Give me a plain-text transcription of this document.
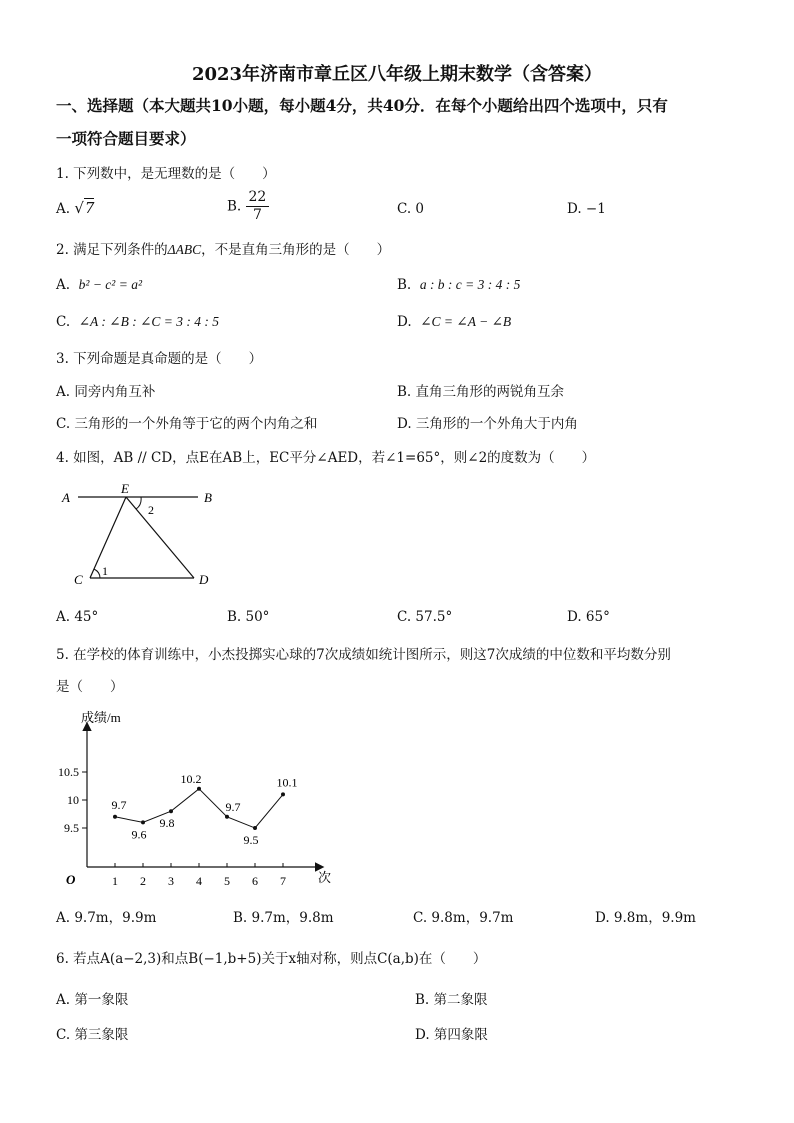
2023年济南市章丘区八年级上期末数学（含答案）
一、选择题（本大题共10小题，每小题4分，共40分．在每个小题给出四个选项中，只有
一项符合题目要求）
1. 下列数中，是无理数的是（　　）
A. √7	B. $\frac{22}{7}$	C. 0	D. −1
2. 满足下列条件的ΔABC，不是直角三角形的是（　　）
A. b² − c² = a²	B. a : b : c = 3 : 4 : 5
C. ∠A : ∠B : ∠C = 3 : 4 : 5	D. ∠C = ∠A − ∠B
3. 下列命题是真命题的是（　　）
A. 同旁内角互补	B. 直角三角形的两锐角互余
C. 三角形的一个外角等于它的两个内角之和	D. 三角形的一个外角大于内角
4. 如图，AB // CD，点E在AB上，EC平分∠AED，若∠1=65°，则∠2的度数为（　　）
A	B
E
C	D
1
2
A. 45°	B. 50°	C. 57.5°	D. 65°
5. 在学校的体育训练中，小杰投掷实心球的7次成绩如统计图所示，则这7次成绩的中位数和平均数分别
是（　　）
成绩/m
次
O
9.5
10
10.5
1 2 3 4 5 6 7
9.7
9.6
9.8
10.2
9.7
9.5
10.1
A. 9.7m，9.9m	B. 9.7m，9.8m	C. 9.8m，9.7m	D. 9.8m，9.9m
6. 若点A(a−2,3)和点B(−1,b+5)关于x轴对称，则点C(a,b)在（　　）
A. 第一象限	B. 第二象限
C. 第三象限	D. 第四象限
